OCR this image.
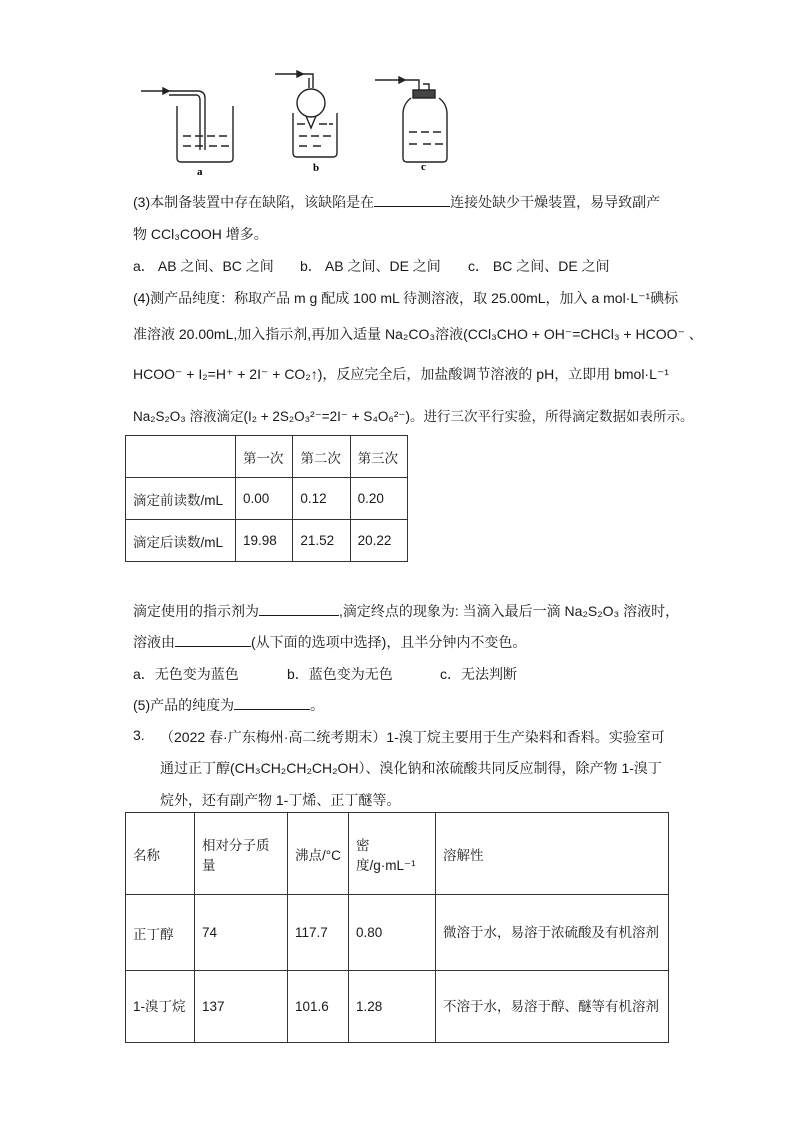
a	b	c
(3)本制备装置中存在缺陷，该缺陷是在	连接处缺少干燥装置，易导致副产
物 CCl₃COOH 增多。
a． AB 之间、BC 之间 b． AB 之间、DE 之间 c． BC 之间、DE 之间
(4)测产品纯度：称取产品 m g 配成 100 mL 待测溶液，取 25.00mL，加入 a mol·L⁻¹碘标
准溶液 20.00mL,加入指示剂,再加入适量 Na₂CO₃溶液(CCl₃CHO + OH⁻=CHCl₃ + HCOO⁻ 、
HCOO⁻ + I₂=H⁺ + 2I⁻ + CO₂↑)，反应完全后，加盐酸调节溶液的 pH，立即用 bmol·L⁻¹
Na₂S₂O₃ 溶液滴定(I₂ + 2S₂O₃²⁻=2I⁻ + S₄O₆²⁻)。进行三次平行实验，所得滴定数据如表所示。
	第一次	第二次	第三次
滴定前读数/mL	0.00	0.12	0.20
滴定后读数/mL	19.98	21.52	20.22
滴定使用的指示剂为	,滴定终点的现象为: 当滴入最后一滴 Na₂S₂O₃ 溶液时，
溶液由	(从下面的选项中选择)，且半分钟内不变色。
a．无色变为蓝色	b．蓝色变为无色	c．无法判断
(5)产品的纯度为	。
3. （2022 春·广东梅州·高二统考期末）1-溴丁烷主要用于生产染料和香料。实验室可
通过正丁醇(CH₃CH₂CH₂CH₂OH）、溴化钠和浓硫酸共同反应制得，除产物 1-溴丁
烷外，还有副产物 1-丁烯、正丁醚等。
名称	相对分子质量	沸点/°C	密度/g·mL⁻¹	溶解性
正丁醇	74	117.7	0.80	微溶于水，易溶于浓硫酸及有机溶剂
1-溴丁烷	137	101.6	1.28	不溶于水，易溶于醇、醚等有机溶剂
